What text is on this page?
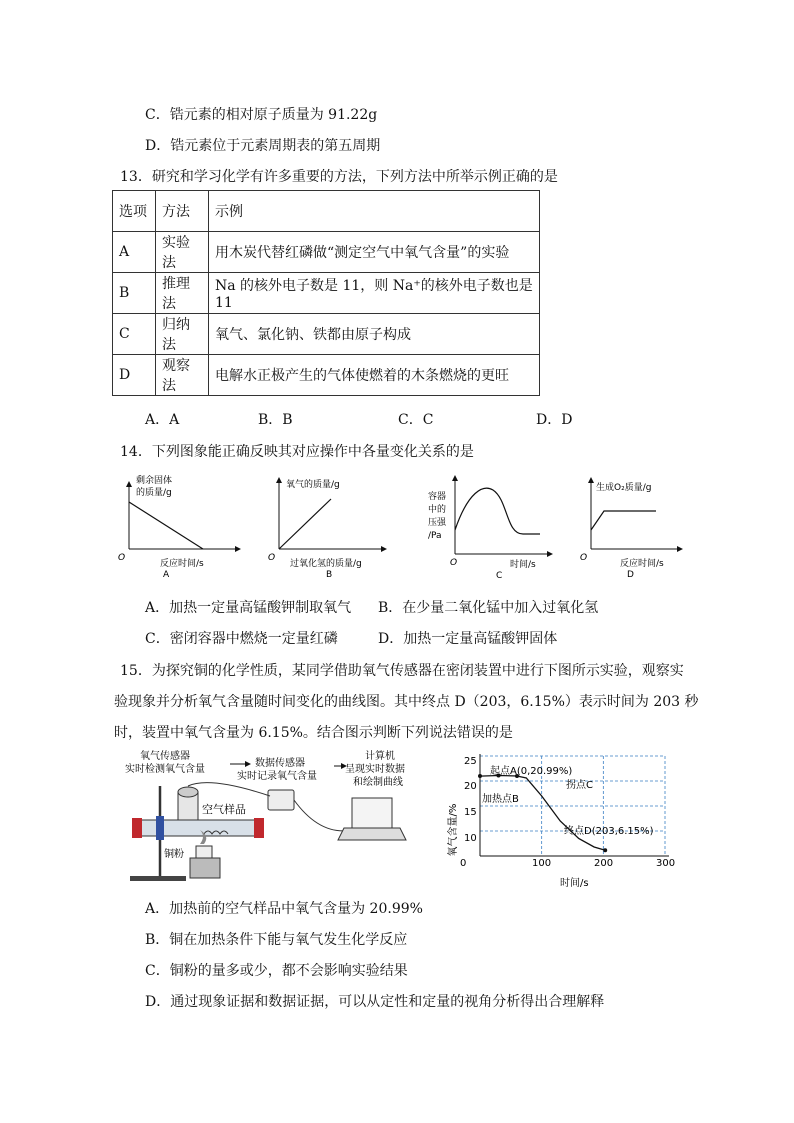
C．锆元素的相对原子质量为 91.22g
D．锆元素位于元素周期表的第五周期
13．研究和学习化学有许多重要的方法，下列方法中所举示例正确的是
选项	方法	示例
A	实验法	用木炭代替红磷做“测定空气中氧气含量”的实验
B	推理法	Na 的核外电子数是 11，则 Na⁺的核外电子数也是 11
C	归纳法	氧气、氯化钠、铁都由原子构成
D	观察法	电解水正极产生的气体使燃着的木条燃烧的更旺
A．A	B．B	C．C	D．D
14．下列图象能正确反映其对应操作中各量变化关系的是
剩余固体
的质量/g
O
反应时间/s
A
氧气的质量/g
O
过氧化氢的质量/g
B
容器
中的
压强
/Pa
O	时间/s
C
生成O₂质量/g
O
反应时间/s
D
A．加热一定量高锰酸钾制取氧气 B．在少量二氧化锰中加入过氧化氢
C．密闭容器中燃烧一定量红磷	D．加热一定量高锰酸钾固体
15．为探究铜的化学性质，某同学借助氧气传感器在密闭装置中进行下图所示实验，观察实
验现象并分析氧气含量随时间变化的曲线图。其中终点 D（203，6.15%）表示时间为 203 秒
时，装置中氧气含量为 6.15%。结合图示判断下列说法错误的是
氧气传感器
实时检测氧气含量
数据传感器
实时记录氧气含量
计算机
呈现实时数据
和绘制曲线
空气样品
铜粉	氧气含量/%
时间/s
0	100	200	300
10
15
20
25
起点A(0,20.99%)
加热点B
拐点C
终点D(203,6.15%)
A．加热前的空气样品中氧气含量为 20.99%
B．铜在加热条件下能与氧气发生化学反应
C．铜粉的量多或少，都不会影响实验结果
D．通过现象证据和数据证据，可以从定性和定量的视角分析得出合理解释
